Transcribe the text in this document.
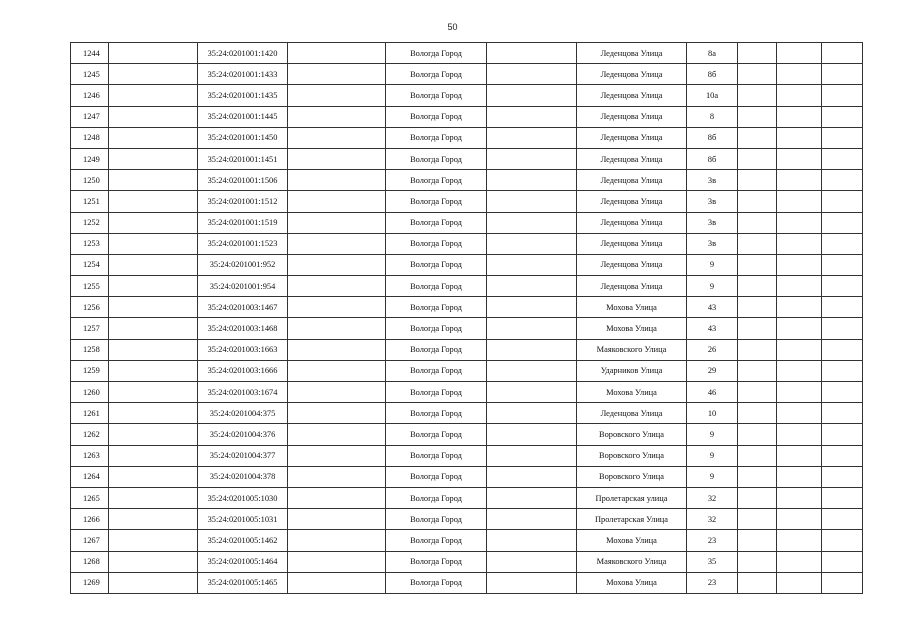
50
1244		35:24:0201001:1420		Вологда Город		Леденцова Улица	8а			
1245		35:24:0201001:1433		Вологда Город		Леденцова Улица	8б			
1246		35:24:0201001:1435		Вологда Город		Леденцова Улица	10а			
1247		35:24:0201001:1445		Вологда Город		Леденцова Улица	8			
1248		35:24:0201001:1450		Вологда Город		Леденцова Улица	8б			
1249		35:24:0201001:1451		Вологда Город		Леденцова Улица	8б			
1250		35:24:0201001:1506		Вологда Город		Леденцова Улица	3в			
1251		35:24:0201001:1512		Вологда Город		Леденцова Улица	3в			
1252		35:24:0201001:1519		Вологда Город		Леденцова Улица	3в			
1253		35:24:0201001:1523		Вологда Город		Леденцова Улица	3в			
1254		35:24:0201001:952		Вологда Город		Леденцова Улица	9			
1255		35:24:0201001:954		Вологда Город		Леденцова Улица	9			
1256		35:24:0201003:1467		Вологда Город		Мохова Улица	43			
1257		35:24:0201003:1468		Вологда Город		Мохова Улица	43			
1258		35:24:0201003:1663		Вологда Город		Маяковского Улица	26			
1259		35:24:0201003:1666		Вологда Город		Ударников Улица	29			
1260		35:24:0201003:1674		Вологда Город		Мохова Улица	46			
1261		35:24:0201004:375		Вологда Город		Леденцова Улица	10			
1262		35:24:0201004:376		Вологда Город		Воровского Улица	9			
1263		35:24:0201004:377		Вологда Город		Воровского Улица	9			
1264		35:24:0201004:378		Вологда Город		Воровского Улица	9			
1265		35:24:0201005:1030		Вологда Город		Пролетарская улица	32			
1266		35:24:0201005:1031		Вологда Город		Пролетарская Улица	32			
1267		35:24:0201005:1462		Вологда Город		Мохова Улица	23			
1268		35:24:0201005:1464		Вологда Город		Маяковского Улица	35			
1269		35:24:0201005:1465		Вологда Город		Мохова Улица	23			
